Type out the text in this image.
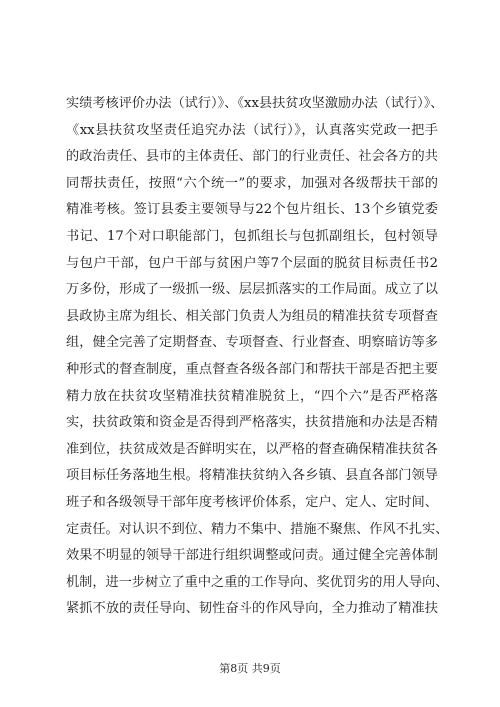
实绩考核评价办法（试行）》、《xx县扶贫攻坚激励办法（试行）》、
《xx县扶贫攻坚责任追究办法（试行）》，认真落实党政一把手
的政治责任、县市的主体责任、部门的行业责任、社会各方的共
同帮扶责任，按照“六个统一”的要求，加强对各级帮扶干部的
精准考核。签订县委主要领导与22个包片组长、13个乡镇党委
书记、17个对口职能部门，包抓组长与包抓副组长，包村领导
与包户干部，包户干部与贫困户等7个层面的脱贫目标责任书2
万多份，形成了一级抓一级、层层抓落实的工作局面。成立了以
县政协主席为组长、相关部门负责人为组员的精准扶贫专项督查
组，健全完善了定期督查、专项督查、行业督查、明察暗访等多
种形式的督查制度，重点督查各级各部门和帮扶干部是否把主要
精力放在扶贫攻坚精准扶贫精准脱贫上，“四个六”是否严格落
实，扶贫政策和资金是否得到严格落实，扶贫措施和办法是否精
准到位，扶贫成效是否鲜明实在，以严格的督查确保精准扶贫各
项目标任务落地生根。将精准扶贫纳入各乡镇、县直各部门领导
班子和各级领导干部年度考核评价体系，定户、定人、定时间、
定责任。对认识不到位、精力不集中、措施不聚焦、作风不扎实、
效果不明显的领导干部进行组织调整或问责。通过健全完善体制
机制，进一步树立了重中之重的工作导向、奖优罚劣的用人导向、
紧抓不放的责任导向、韧性奋斗的作风导向，全力推动了精准扶
第8页 共9页
